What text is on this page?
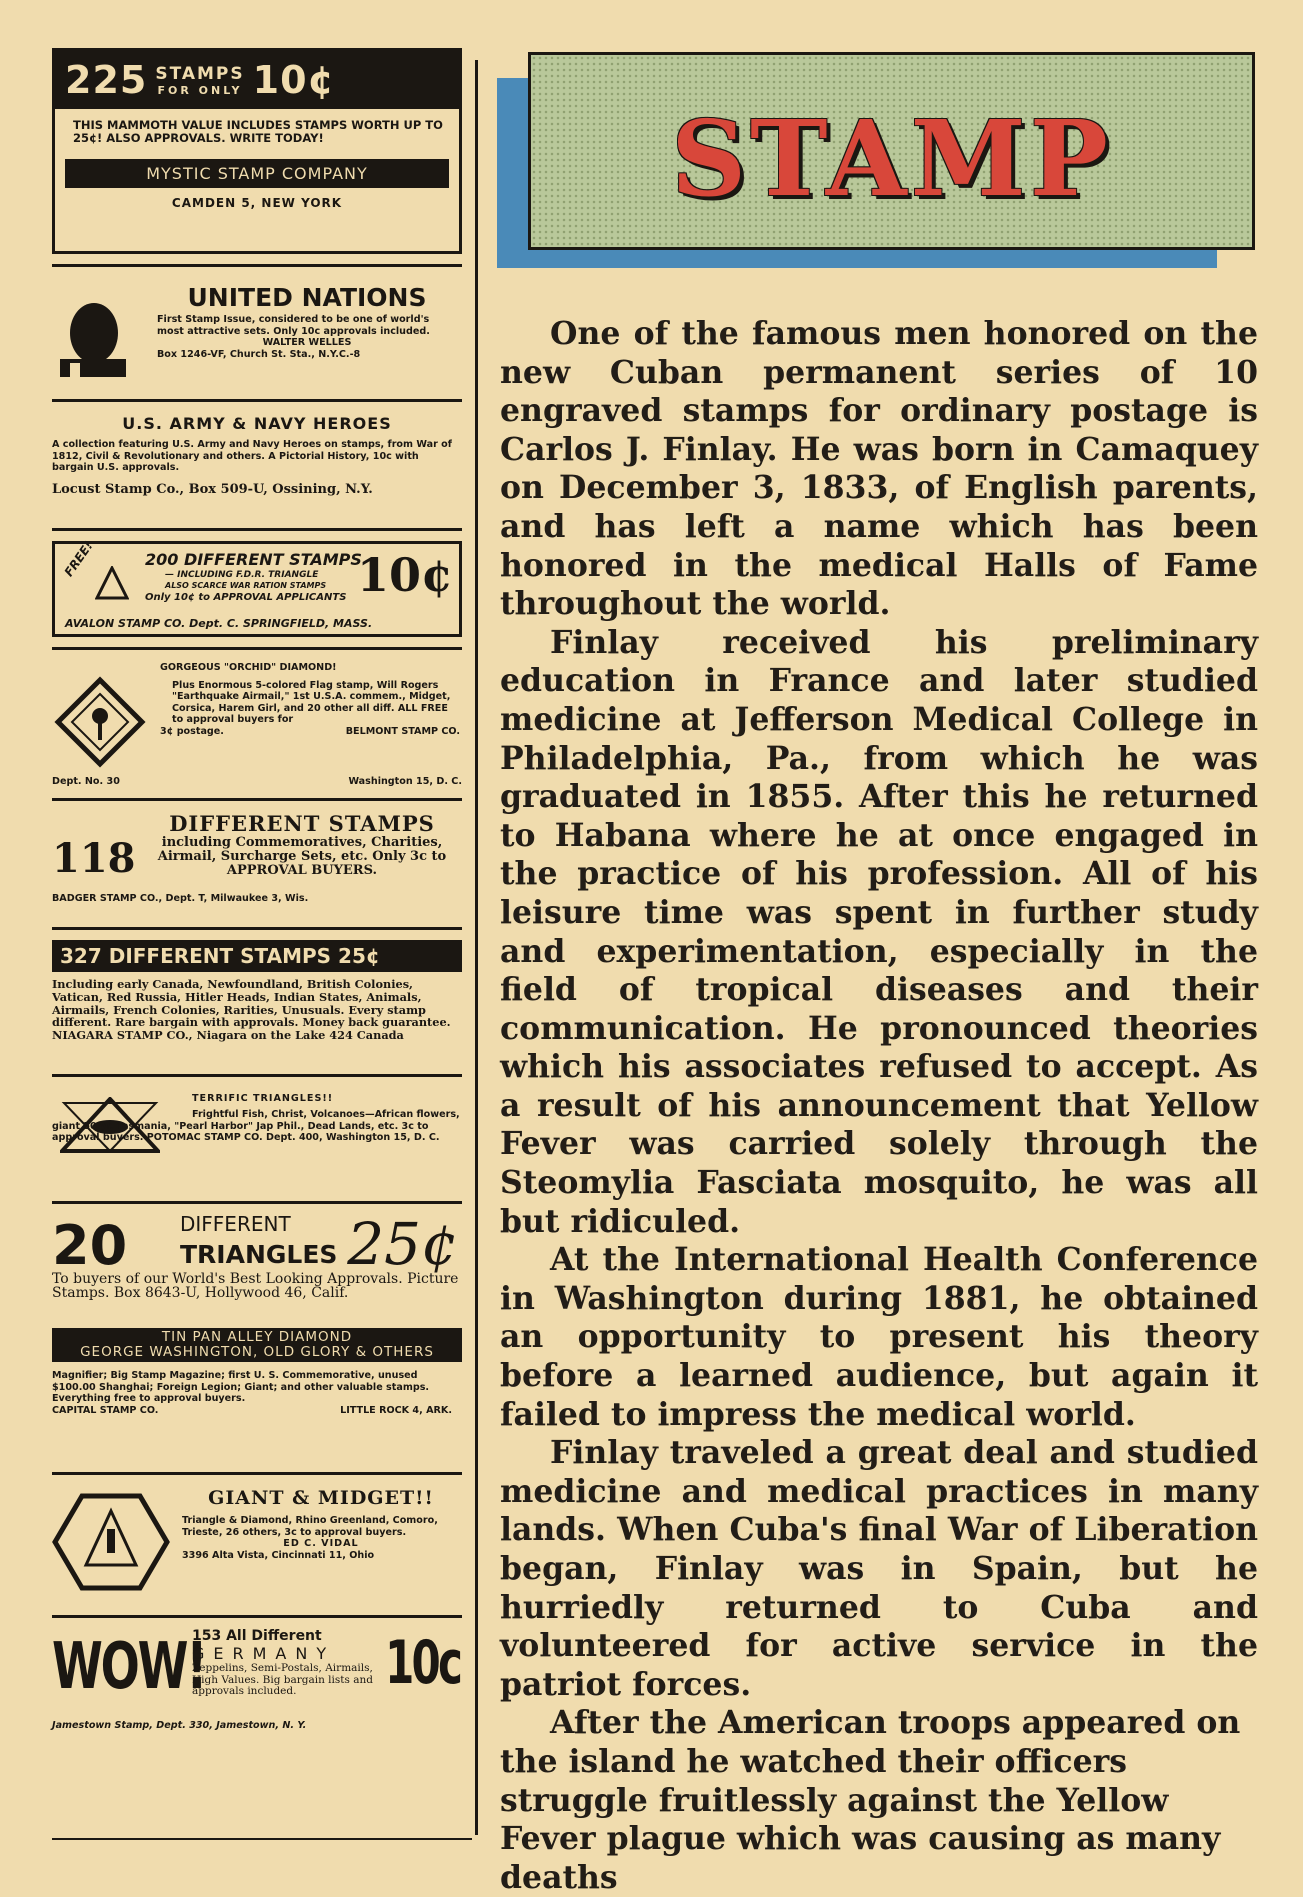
225 STAMPS
FOR ONLY 10¢
THIS MAMMOTH VALUE INCLUDES STAMPS WORTH UP TO 25¢! ALSO APPROVALS. WRITE TODAY!
MYSTIC STAMP COMPANY
CAMDEN 5, NEW YORK
UNITED NATIONS
First Stamp Issue, considered to be one of world's most attractive sets. Only 10c approvals included.
WALTER WELLES
Box 1246-VF, Church St. Sta., N.Y.C.-8
U.S. ARMY & NAVY HEROES
A collection featuring U.S. Army and Navy Heroes on stamps, from War of 1812, Civil & Revolutionary and others. A Pictorial History, 10c with bargain U.S. approvals.
Locust Stamp Co., Box 509-U, Ossining, N.Y.
FREE!	200 DIFFERENT STAMPS
— INCLUDING F.D.R. TRIANGLE
ALSO SCARCE WAR RATION STAMPS
Only 10¢ to APPROVAL APPLICANTS 10¢
AVALON STAMP CO. Dept. C. SPRINGFIELD, MASS.
GORGEOUS "ORCHID" DIAMOND!
Plus Enormous 5-colored Flag stamp, Will Rogers "Earthquake Airmail," 1st U.S.A. commem., Midget, Corsica, Harem Girl, and 20 other all diff. ALL FREE to approval buyers for
3¢ postage.	BELMONT STAMP CO.
Dept. No. 30	Washington 15, D. C.
118
DIFFERENT STAMPS
including Commemoratives, Charities, Airmail, Surcharge Sets, etc. Only 3c to APPROVAL BUYERS.
BADGER STAMP CO., Dept. T, Milwaukee 3, Wis.
327 DIFFERENT STAMPS 25¢
Including early Canada, Newfoundland, British Colonies, Vatican, Red Russia, Hitler Heads, Indian States, Animals, Airmails, French Colonies, Rarities, Unusuals. Every stamp different. Rare bargain with approvals. Money back guarantee. NIAGARA STAMP CO., Niagara on the Lake 424 Canada
TERRIFIC TRIANGLES!!
Frightful Fish, Christ, Volcanoes—African flowers, giant 50 yr. Tasmania, "Pearl Harbor" Jap Phil., Dead Lands, etc. 3c to approval buyers. POTOMAC STAMP CO. Dept. 400, Washington 15, D. C.
20	DIFFERENT
TRIANGLES 25¢
To buyers of our World's Best Looking Approvals. Picture Stamps. Box 8643-U, Hollywood 46, Calif.
TIN PAN ALLEY DIAMOND
GEORGE WASHINGTON, OLD GLORY & OTHERS
Magnifier; Big Stamp Magazine; first U. S. Commemorative, unused $100.00 Shanghai; Foreign Legion; Giant; and other valuable stamps. Everything free to approval buyers.
CAPITAL STAMP CO.	LITTLE ROCK 4, ARK.
GIANT & MIDGET!!
Triangle & Diamond, Rhino Greenland, Comoro, Trieste, 26 others, 3c to approval buyers.
ED C. VIDAL
3396 Alta Vista, Cincinnati 11, Ohio
WOW!
153 All Different
GERMANY
Zeppelins, Semi-Postals, Airmails, High Values. Big bargain lists and approvals included.	10c
Jamestown Stamp, Dept. 330, Jamestown, N. Y.
STAMP

One of the famous men honored on the new Cuban permanent series of 10 engraved stamps for ordinary postage is Carlos J. Finlay. He was born in Camaquey on December 3, 1833, of English parents, and has left a name which has been honored in the medical Halls of Fame throughout the world.

Finlay received his preliminary education in France and later studied medicine at Jefferson Medical College in Philadelphia, Pa., from which he was graduated in 1855. After this he returned to Habana where he at once engaged in the practice of his profession. All of his leisure time was spent in further study and experimentation, especially in the field of tropical diseases and their communication. He pronounced theories which his associates refused to accept. As a result of his announcement that Yellow Fever was carried solely through the Steomylia Fasciata mosquito, he was all but ridiculed.

At the International Health Conference in Washington during 1881, he obtained an opportunity to present his theory before a learned audience, but again it failed to impress the medical world.

Finlay traveled a great deal and studied medicine and medical practices in many lands. When Cuba's final War of Liberation began, Finlay was in Spain, but he hurriedly returned to Cuba and volunteered for active service in the patriot forces.

After the American troops appeared on the island he watched their officers struggle fruitlessly against the Yellow Fever plague which was causing as many deaths
